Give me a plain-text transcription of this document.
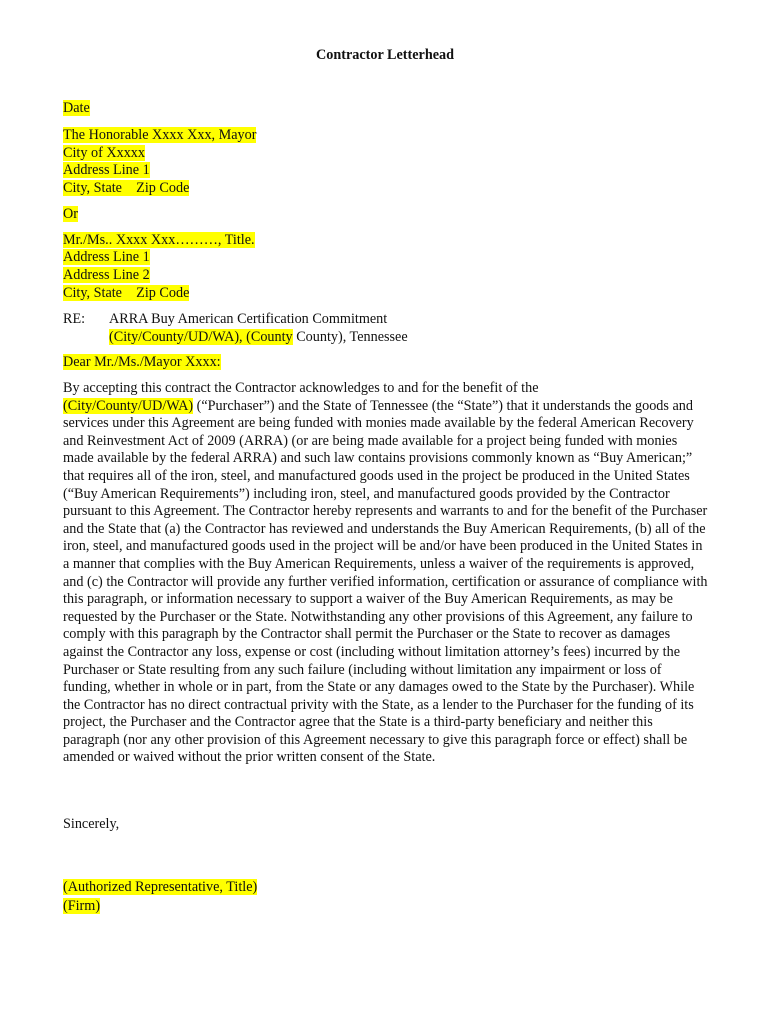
Contractor Letterhead
Date
The Honorable Xxxx Xxx, Mayor
City of Xxxxx
Address Line 1
City, State    Zip Code
Or
Mr./Ms.. Xxxx Xxx………, Title.
Address Line 1
Address Line 2
City, State    Zip Code
RE: ARRA Buy American Certification Commitment
(City/County/UD/WA), (County County), Tennessee
Dear Mr./Ms./Mayor Xxxx:

By accepting this contract the Contractor acknowledges to and for the benefit of the
(City/County/UD/WA) (“Purchaser”) and the State of Tennessee (the “State”) that it understands the goods and services under this Agreement are being funded with monies made available by the federal American Recovery and Reinvestment Act of 2009 (ARRA) (or are being made available for a project being funded with monies made available by the federal ARRA) and such law contains provisions commonly known as “Buy American;” that requires all of the iron, steel, and manufactured goods used in the project be produced in the United States (“Buy American Requirements”) including iron, steel, and manufactured goods provided by the Contractor pursuant to this Agreement. The Contractor hereby represents and warrants to and for the benefit of the Purchaser and the State that (a) the Contractor has reviewed and understands the Buy American Requirements, (b) all of the iron, steel, and manufactured goods used in the project will be and/or have been produced in the United States in a manner that complies with the Buy American Requirements, unless a waiver of the requirements is approved, and (c) the Contractor will provide any further verified information, certification or assurance of compliance with this paragraph, or information necessary to support a waiver of the Buy American Requirements, as may be requested by the Purchaser or the State. Notwithstanding any other provisions of this Agreement, any failure to comply with this paragraph by the Contractor shall permit the Purchaser or the State to recover as damages against the Contractor any loss, expense or cost (including without limitation attorney’s fees) incurred by the Purchaser or State resulting from any such failure (including without limitation any impairment or loss of funding, whether in whole or in part, from the State or any damages owed to the State by the Purchaser). While the Contractor has no direct contractual privity with the State, as a lender to the Purchaser for the funding of its project, the Purchaser and the Contractor agree that the State is a third-party beneficiary and neither this paragraph (nor any other provision of this Agreement necessary to give this paragraph force or effect) shall be amended or waived without the prior written consent of the State.

Sincerely,
(Authorized Representative, Title)
(Firm)
